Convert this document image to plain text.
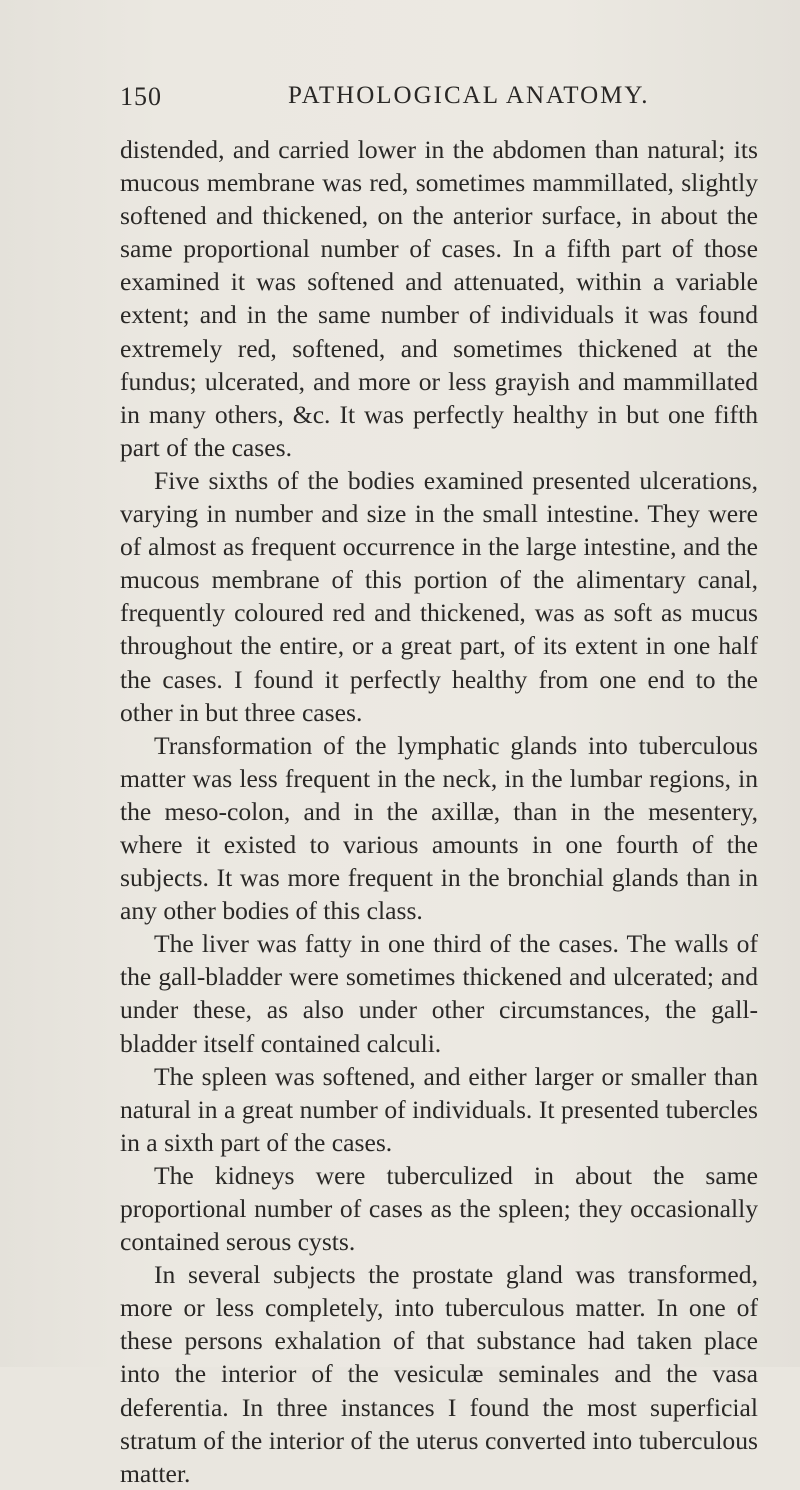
150	PATHOLOGICAL ANATOMY.

distended, and carried lower in the abdomen than natural; its mucous membrane was red, sometimes mammillated, slightly softened and thickened, on the anterior surface, in about the same proportional number of cases. In a fifth part of those examined it was softened and attenuated, within a variable extent; and in the same number of individuals it was found extremely red, softened, and sometimes thickened at the fundus; ulcerated, and more or less grayish and mammillated in many others, &c. It was perfectly healthy in but one fifth part of the cases.

Five sixths of the bodies examined presented ulcerations, varying in number and size in the small intestine. They were of almost as frequent occurrence in the large intestine, and the mucous membrane of this portion of the alimentary canal, frequently coloured red and thickened, was as soft as mucus throughout the entire, or a great part, of its extent in one half the cases. I found it perfectly healthy from one end to the other in but three cases.

Transformation of the lymphatic glands into tuberculous matter was less frequent in the neck, in the lumbar regions, in the meso-colon, and in the axillæ, than in the mesentery, where it existed to various amounts in one fourth of the subjects. It was more frequent in the bronchial glands than in any other bodies of this class.

The liver was fatty in one third of the cases. The walls of the gall-bladder were sometimes thickened and ulcerated; and under these, as also under other circumstances, the gall-bladder itself contained calculi.

The spleen was softened, and either larger or smaller than natural in a great number of individuals. It presented tubercles in a sixth part of the cases.

The kidneys were tuberculized in about the same proportional number of cases as the spleen; they occasionally contained serous cysts.

In several subjects the prostate gland was transformed, more or less completely, into tuberculous matter. In one of these persons exhalation of that substance had taken place into the interior of the vesiculæ seminales and the vasa deferentia. In three instances I found the most superficial stratum of the interior of the uterus converted into tuberculous matter.
